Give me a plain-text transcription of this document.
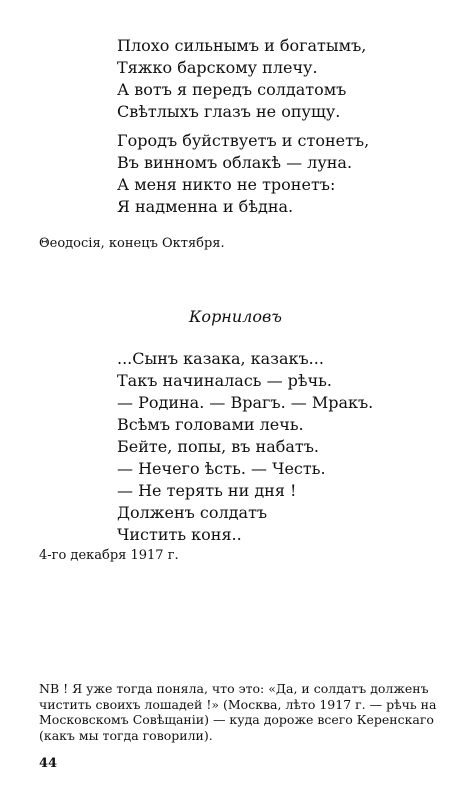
Плохо сильнымъ и богатымъ,
Тяжко барскому плечу.
А вотъ я передъ солдатомъ
Свѣтлыхъ глазъ не опущу.
Городъ буйствуетъ и стонетъ,
Въ винномъ облакѣ — луна.
А меня никто не тронетъ:
Я надменна и бѣдна.
Θеодосія, конецъ Октября.
Корниловъ
...Сынъ казака, казакъ...
Такъ начиналась — рѣчь.
— Родина. — Врагъ. — Мракъ.
Всѣмъ головами лечь.
Бейте, попы, въ набатъ.
— Нечего ѣсть. — Честь.
— Не терять ни дня !
Долженъ солдатъ
Чистить коня..
4-го декабря 1917 г.

NB ! Я уже тогда поняла, что это: «Да, и солдатъ долженъ
чистить своихъ лошадей !» (Москва, лѣто 1917 г. — рѣчь на
Московскомъ Совѣщаніи) — куда дороже всего Керенскаго
(какъ мы тогда говорили).

44
